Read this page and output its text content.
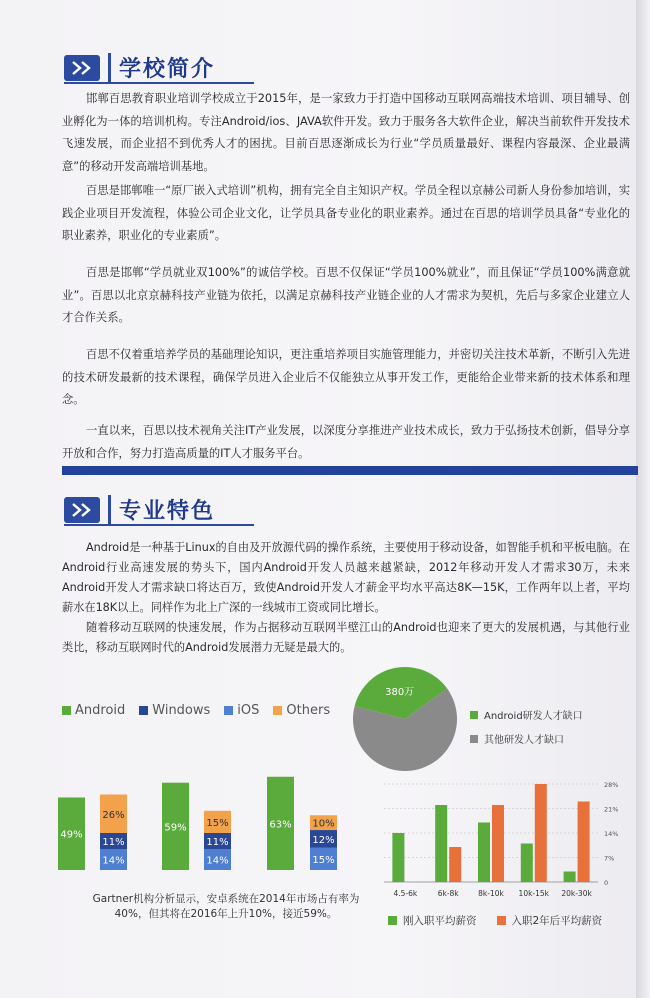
学校简介
邯郸百思教育职业培训学校成立于2015年，是一家致力于打造中国移动互联网高端技术培训、项目辅导、创业孵化为一体的培训机构。专注Android/ios、JAVA软件开发。致力于服务各大软件企业，解决当前软件开发技术飞速发展，而企业招不到优秀人才的困扰。目前百思逐渐成长为行业“学员质量最好、课程内容最深、企业最满意”的移动开发高端培训基地。
百思是邯郸唯一“原厂嵌入式培训”机构，拥有完全自主知识产权。学员全程以京赫公司新人身份参加培训，实践企业项目开发流程，体验公司企业文化，让学员具备专业化的职业素养。通过在百思的培训学员具备“专业化的职业素养，职业化的专业素质”。
百思是邯郸“学员就业双100%”的诚信学校。百思不仅保证“学员100%就业”，而且保证“学员100%满意就业”。百思以北京京赫科技产业链为依托，以满足京赫科技产业链企业的人才需求为契机，先后与多家企业建立人才合作关系。
百思不仅着重培养学员的基础理论知识，更注重培养项目实施管理能力，并密切关注技术革新，不断引入先进的技术研发最新的技术课程，确保学员进入企业后不仅能独立从事开发工作，更能给企业带来新的技术体系和理念。
一直以来，百思以技术视角关注IT产业发展，以深度分享推进产业技术成长，致力于弘扬技术创新，倡导分享 开放和合作，努力打造高质量的IT人才服务平台。
专业特色
Android是一种基于Linux的自由及开放源代码的操作系统，主要使用于移动设备，如智能手机和平板电脑。在Android行业高速发展的势头下，国内Android开发人员越来越紧缺，2012年移动开发人才需求30万，未来Android开发人才需求缺口将达百万，致使Android开发人才薪金平均水平高达8K—15K，工作两年以上者，平均薪水在18K以上。同样作为北上广深的一线城市工资或同比增长。
随着移动互联网的快速发展，作为占据移动互联网半壁江山的Android也迎来了更大的发展机遇，与其他行业类比，移动互联网时代的Android发展潜力无疑是最大的。
Android Windows iOS Others
49%
14%
11%
26%
59%
14%
11%
15%	63%
15%
12%
10%
Gartner机构分析显示，安卓系统在2014年市场占有率为40%，但其将在2016年上升10%，接近59%。
380万
Android研发人才缺口
其他研发人才缺口
0
7%
14%
21%
28%
4.5-6k	6k-8k	8k-10k 10k-15k 20k-30k
刚入职平均薪资	入职2年后平均薪资
